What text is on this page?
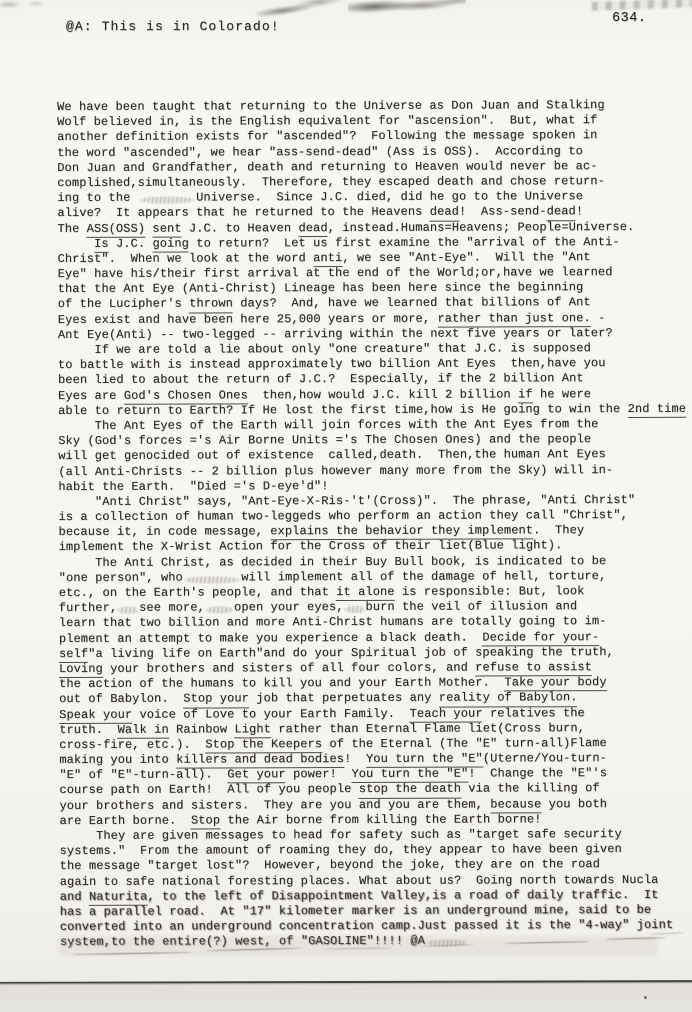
@A: This is in Colorado!
634.
We have been taught that returning to the Universe as Don Juan and Stalking
Wolf believed in, is the English equivalent for "ascension".  But, what if
another definition exists for "ascended"?  Following the message spoken in
the word "ascended", we hear "ass-send-dead" (Ass is OSS).  According to
Don Juan and Grandfather, death and returning to Heaven would never be ac-
complished,simultaneously.  Therefore, they escaped death and chose return-
ing to the	Universe.  Since J.C. died, did he go to the Universe
alive?  It appears that he returned to the Heavens dead!  Ass-send-dead!
The ASS(OSS) sent J.C. to Heaven dead, instead.Humans=Heavens; People=Universe.
Is J.C. going to return?  Let us first examine the "arrival of the Anti-
Christ".  When we look at the word anti, we see "Ant-Eye".  Will the "Ant
Eye" have his/their first arrival at the end of the World;or,have we learned
that the Ant Eye (Anti-Christ) Lineage has been here since the beginning
of the Lucipher's thrown days?  And, have we learned that billions of Ant
Eyes exist and have been here 25,000 years or more, rather than just one. -
Ant Eye(Anti) -- two-legged -- arriving within the next five years or later?
If we are told a lie about only "one creature" that J.C. is supposed
to battle with is instead approximately two billion Ant Eyes  then,have you
been lied to about the return of J.C.?  Especially, if the 2 billion Ant
Eyes are God's Chosen Ones  then,how would J.C. kill 2 billion if he were
able to return to Earth? If He lost the first time,how is He going to win the 2nd time
The Ant Eyes of the Earth will join forces with the Ant Eyes from the
Sky (God's forces ='s Air Borne Units ='s The Chosen Ones) and the people
will get genocided out of existence  called,death.  Then,the human Ant Eyes
(all Anti-Christs -- 2 billion plus however many more from the Sky) will in-
habit the Earth.  "Died ='s D-eye'd"!
"Anti Christ" says, "Ant-Eye-X-Ris-'t'(Cross)".  The phrase, "Anti Christ"
is a collection of human two-leggeds who perform an action they call "Christ",
because it, in code message, explains the behavior they implement.  They
implement the X-Wrist Action for the Cross of their liet(Blue light).
The Anti Christ, as decided in their Buy Bull book, is indicated to be
"one person", who	will implement all of the damage of hell, torture,
etc., on the Earth's people, and that it alone is responsible: But, look
further, see more, open your eyes, burn the veil of illusion and
learn that two billion and more Anti-Christ humans are totally going to im-
plement an attempt to make you experience a black death.  Decide for your-
self"a living life on Earth"and do your Spiritual job of speaking the truth,
Loving your brothers and sisters of all four colors, and refuse to assist
the action of the humans to kill you and your Earth Mother.  Take your body
out of Babylon.  Stop your job that perpetuates any reality of Babylon.
Speak your voice of Love to your Earth Family.  Teach your relatives the
truth.  Walk in Rainbow Light rather than Eternal Flame liet(Cross burn,
cross-fire, etc.).  Stop the Keepers of the Eternal (The "E" turn-all)Flame
making you into killers and dead bodies!  You turn the "E"(Uterne/You-turn-
"E" of "E"-turn-all).  Get your power!  You turn the "E"!  Change the "E"'s
course path on Earth!  All of you people stop the death via the killing of
your brothers and sisters.  They are you and you are them, because you both
are Earth borne.  Stop the Air borne from killing the Earth borne!
They are given messages to head for safety such as "target safe security
systems."  From the amount of roaming they do, they appear to have been given
the message "target lost"?  However, beyond the joke, they are on the road
again to safe national foresting places. What about us?  Going north towards Nucla
and Naturita, to the left of Disappointment Valley,is a road of daily traffic.  It
has a parallel road.  At "17" kilometer marker is an underground mine, said to be
converted into an underground concentration camp.Just passed it is the "4-way" joint
system,to the entire(?) west, of "GASOLINE"!!!! @A
